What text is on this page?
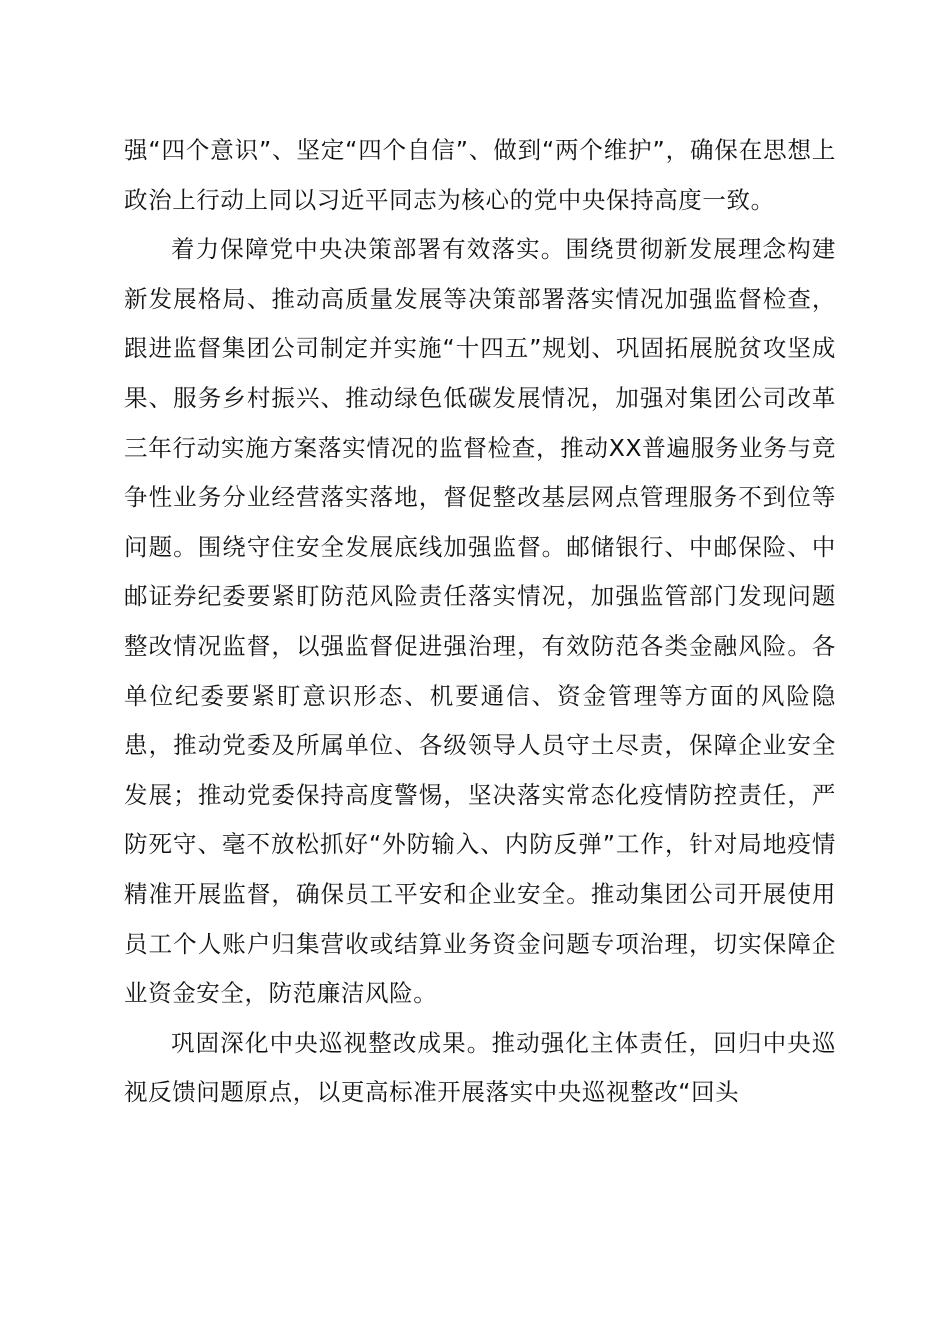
强“四个意识”、坚定“四个自信”、做到“两个维护”，确保在思想上政治上行动上同以习近平同志为核心的党中央保持高度一致。

着力保障党中央决策部署有效落实。围绕贯彻新发展理念构建新发展格局、推动高质量发展等决策部署落实情况加强监督检查，跟进监督集团公司制定并实施“十四五”规划、巩固拓展脱贫攻坚成果、服务乡村振兴、推动绿色低碳发展情况，加强对集团公司改革三年行动实施方案落实情况的监督检查，推动XX普遍服务业务与竞争性业务分业经营落实落地，督促整改基层网点管理服务不到位等问题。围绕守住安全发展底线加强监督。邮储银行、中邮保险、中邮证券纪委要紧盯防范风险责任落实情况，加强监管部门发现问题整改情况监督，以强监督促进强治理，有效防范各类金融风险。各单位纪委要紧盯意识形态、机要通信、资金管理等方面的风险隐患，推动党委及所属单位、各级领导人员守土尽责，保障企业安全发展；推动党委保持高度警惕，坚决落实常态化疫情防控责任，严防死守、毫不放松抓好“外防输入、内防反弹”工作，针对局地疫情精准开展监督，确保员工平安和企业安全。推动集团公司开展使用员工个人账户归集营收或结算业务资金问题专项治理，切实保障企业资金安全，防范廉洁风险。

巩固深化中央巡视整改成果。推动强化主体责任，回归中央巡视反馈问题原点，以更高标准开展落实中央巡视整改“回头
